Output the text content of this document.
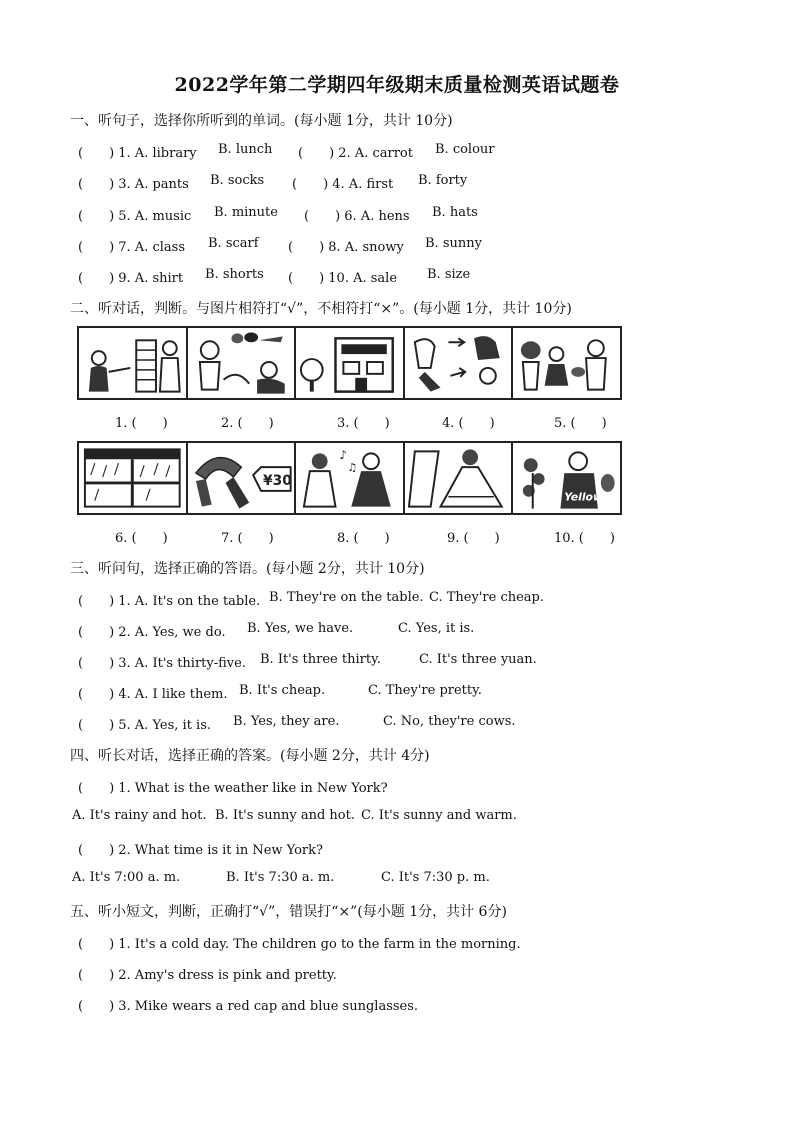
2022学年第二学期四年级期末质量检测英语试题卷
一、听句子，选择你所听到的单词。(每小题 1分，共计 10分)
(　　) 1. A. library B. lunch (　　) 2. A. carrot B. colour
(　　) 3. A. pants B. socks (　　) 4. A. first B. forty
(　　) 5. A. music B. minute (　　) 6. A. hens B. hats
(　　) 7. A. class B. scarf (　　) 8. A. snowy B. sunny
(　　) 9. A. shirt B. shorts (　　) 10. A. sale B. size
二、听对话，判断。与图片相符打“√”，不相符打“×”。(每小题 1分，共计 10分)
1. (　　)	2. (　　)	3. (　　)	4. (　　)	5. (　　)
¥30
♪
♫
Yellow
6. (　　)	7. (　　)	8. (　　)	9. (　　)	10. (　　)
三、听问句，选择正确的答语。(每小题 2分，共计 10分)
(　　) 1. A. It's on the table. B. They're on the table. C. They're cheap.
(　　) 2. A. Yes, we do. B. Yes, we have.	C. Yes, it is.
(　　) 3. A. It's thirty-five. B. It's three thirty.	C. It's three yuan.
(　　) 4. A. I like them. B. It's cheap.	C. They're pretty.
(　　) 5. A. Yes, it is. B. Yes, they are.	C. No, they're cows.
四、听长对话，选择正确的答案。(每小题 2分，共计 4分)
(　　) 1. What is the weather like in New York?
A. It's rainy and hot. B. It's sunny and hot. C. It's sunny and warm.
(　　) 2. What time is it in New York?
A. It's 7:00 a. m.	B. It's 7:30 a. m.	C. It's 7:30 p. m.
五、听小短文，判断，正确打“√”，错误打“×”(每小题 1分，共计 6分)
(　　) 1. It's a cold day. The children go to the farm in the morning.
(　　) 2. Amy's dress is pink and pretty.
(　　) 3. Mike wears a red cap and blue sunglasses.
